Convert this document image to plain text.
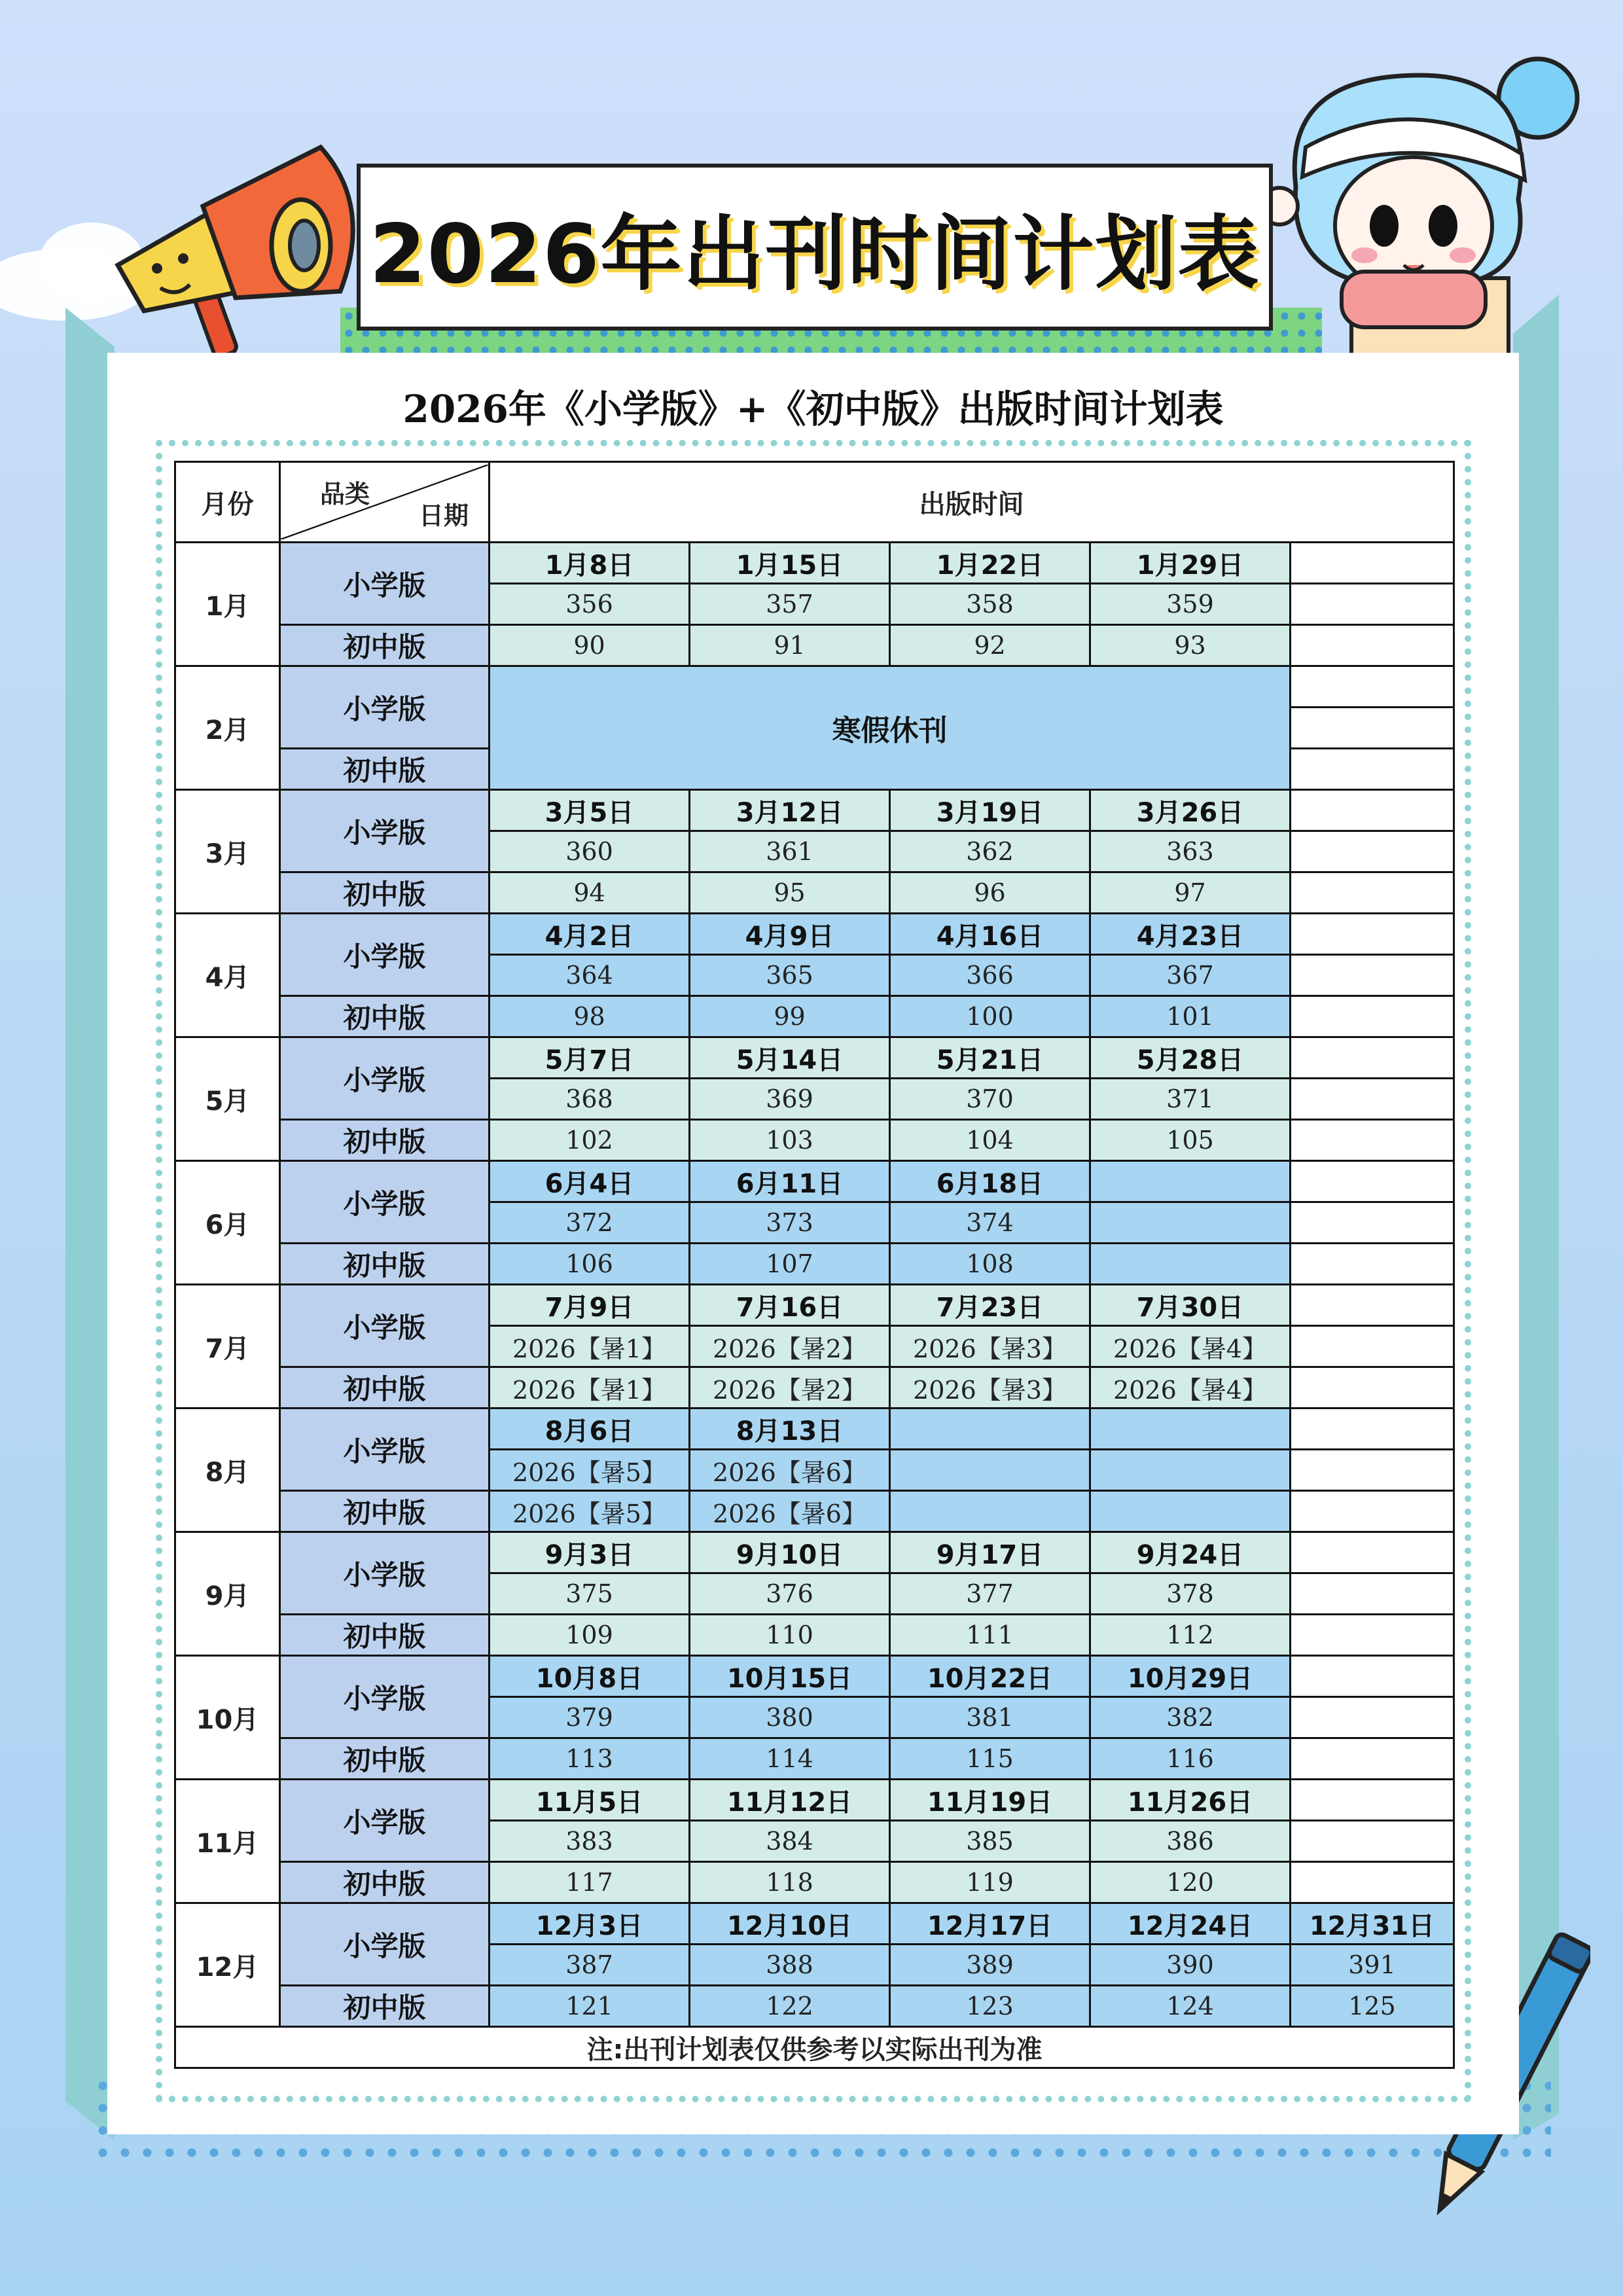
2026年出刊时间计划表
2026年《小学版》+《初中版》出版时间计划表
月份	品类
日期	出版时间				
1月	小学版	1月8日	1月15日	1月22日	1月29日	
		356	357	358	359	
	初中版	90	91	92	93	
2月	小学版	寒假休刊				

	初中版					
3月	小学版	3月5日	3月12日	3月19日	3月26日	
		360	361	362	363	
	初中版	94	95	96	97	
4月	小学版	4月2日	4月9日	4月16日	4月23日	
		364	365	366	367	
	初中版	98	99	100	101	
5月	小学版	5月7日	5月14日	5月21日	5月28日	
		368	369	370	371	
	初中版	102	103	104	105	
6月	小学版	6月4日	6月11日	6月18日		
		372	373	374		
	初中版	106	107	108		
7月	小学版	7月9日	7月16日	7月23日	7月30日	
		2026【暑1】	2026【暑2】	2026【暑3】	2026【暑4】	
	初中版	2026【暑1】	2026【暑2】	2026【暑3】	2026【暑4】	
8月	小学版	8月6日	8月13日			
		2026【暑5】	2026【暑6】			
	初中版	2026【暑5】	2026【暑6】			
9月	小学版	9月3日	9月10日	9月17日	9月24日	
		375	376	377	378	
	初中版	109	110	111	112	
10月	小学版	10月8日	10月15日	10月22日	10月29日	
		379	380	381	382	
	初中版	113	114	115	116	
11月	小学版	11月5日	11月12日	11月19日	11月26日	
		383	384	385	386	
	初中版	117	118	119	120	
12月	小学版	12月3日	12月10日	12月17日	12月24日	12月31日
		387	388	389	390	391
	初中版	121	122	123	124	125
注:出刊计划表仅供参考以实际出刊为准						
